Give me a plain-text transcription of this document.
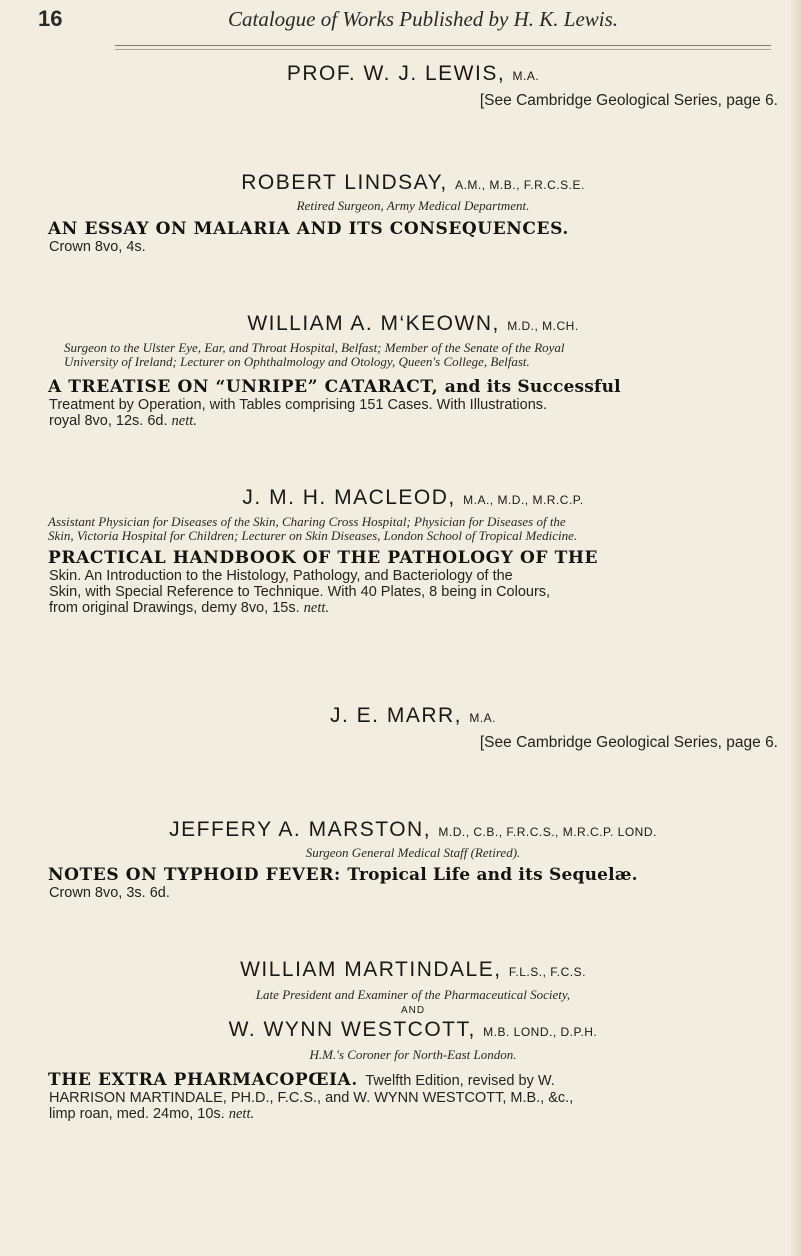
16	Catalogue of Works Published by H. K. Lewis.
PROF. W. J. LEWIS, M.A.
[See Cambridge Geological Series, page 6.
ROBERT LINDSAY, A.M., M.B., F.R.C.S.E.
Retired Surgeon, Army Medical Department.
AN ESSAY ON MALARIA AND ITS CONSEQUENCES.
Crown 8vo, 4s.
WILLIAM A. M‘KEOWN, M.D., M.CH.
Surgeon to the Ulster Eye, Ear, and Throat Hospital, Belfast; Member of the Senate of the Royal
University of Ireland; Lecturer on Ophthalmology and Otology, Queen's College, Belfast.
A TREATISE ON “UNRIPE” CATARACT, and its Successful
Treatment by Operation, with Tables comprising 151 Cases. With Illustrations.
royal 8vo, 12s. 6d. nett.
J. M. H. MACLEOD, M.A., M.D., M.R.C.P.
Assistant Physician for Diseases of the Skin, Charing Cross Hospital; Physician for Diseases of the
Skin, Victoria Hospital for Children; Lecturer on Skin Diseases, London School of Tropical Medicine.
PRACTICAL HANDBOOK OF THE PATHOLOGY OF THE
Skin. An Introduction to the Histology, Pathology, and Bacteriology of the
Skin, with Special Reference to Technique. With 40 Plates, 8 being in Colours,
from original Drawings, demy 8vo, 15s. nett.
J. E. MARR, M.A.
[See Cambridge Geological Series, page 6.
JEFFERY A. MARSTON, M.D., C.B., F.R.C.S., M.R.C.P. LOND.
Surgeon General Medical Staff (Retired).
NOTES ON TYPHOID FEVER: Tropical Life and its Sequelæ.
Crown 8vo, 3s. 6d.
WILLIAM MARTINDALE, F.L.S., F.C.S.
Late President and Examiner of the Pharmaceutical Society,
AND
W. WYNN WESTCOTT, M.B. LOND., D.P.H.
H.M.'s Coroner for North-East London.
THE EXTRA PHARMACOPŒIA. Twelfth Edition, revised by W.
HARRISON MARTINDALE, PH.D., F.C.S., and W. WYNN WESTCOTT, M.B., &c.,
limp roan, med. 24mo, 10s. nett.
